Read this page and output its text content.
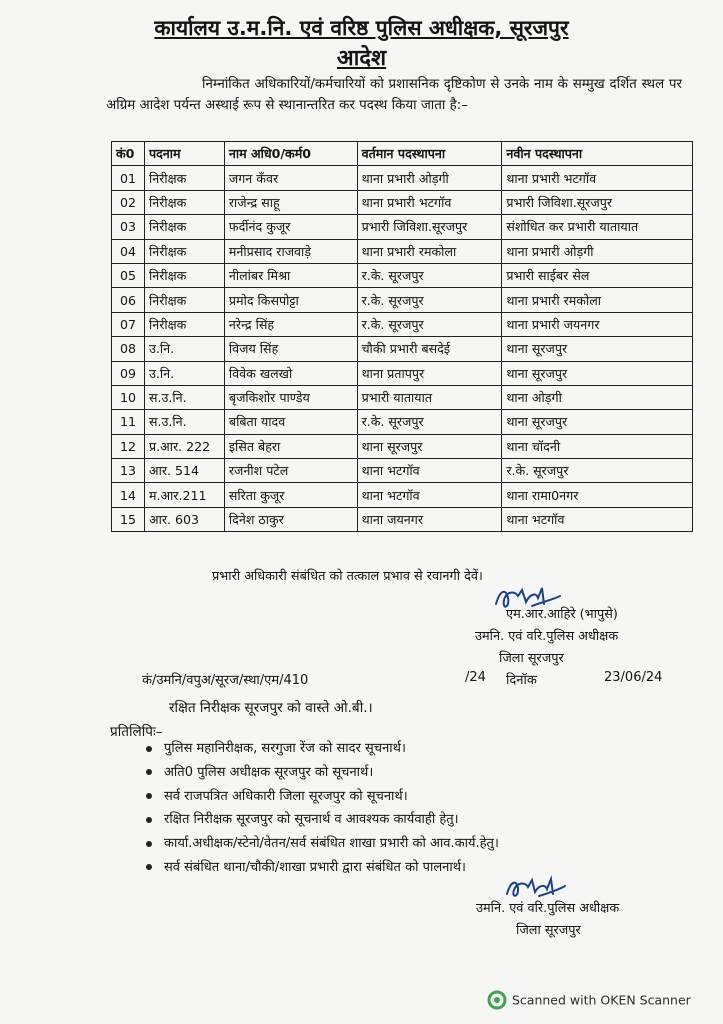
कार्यालय उ.म.नि. एवं वरिष्ठ पुलिस अधीक्षक, सूरजपुर
आदेश
निम्नांकित अधिकारियों/कर्मचारियों को प्रशासनिक दृष्टिकोण से उनके नाम के सम्मुख दर्शित स्थल पर अग्रिम आदेश पर्यन्त अस्थाई रूप से स्थानान्तरित कर पदस्थ किया जाता है:–
कं0	पदनाम	नाम अधि0/कर्म0	वर्तमान पदस्थापना	नवीन पदस्थापना
01	निरीक्षक	जगन कँवर	थाना प्रभारी ओड़गी	थाना प्रभारी भटगॉव
02	निरीक्षक	राजेन्द्र साहू	थाना प्रभारी भटगॉव	प्रभारी जिविशा.सूरजपुर
03	निरीक्षक	फर्दीनंद कुजूर	प्रभारी जिविशा.सूरजपुर	संशोधित कर प्रभारी यातायात
04	निरीक्षक	मनीप्रसाद राजवाड़े	थाना प्रभारी रमकोला	थाना प्रभारी ओड़गी
05	निरीक्षक	नीलांबर मिश्रा	र.के. सूरजपुर	प्रभारी साईबर सेल
06	निरीक्षक	प्रमोद किसपोट्टा	र.के. सूरजपुर	थाना प्रभारी रमकोला
07	निरीक्षक	नरेन्द्र सिंह	र.के. सूरजपुर	थाना प्रभारी जयनगर
08	उ.नि.	विजय सिंह	चौकी प्रभारी बसदेई	थाना सूरजपुर
09	उ.नि.	विवेक खलखो	थाना प्रतापपुर	थाना सूरजपुर
10	स.उ.नि.	बृजकिशोर पाण्डेय	प्रभारी यातायात	थाना ओड़गी
11	स.उ.नि.	बबिता यादव	र.के. सूरजपुर	थाना सूरजपुर
12	प्र.आर. 222	इसित बेहरा	थाना सूरजपुर	थाना चॉदनी
13	आर. 514	रजनीश पटेल	थाना भटगॉव	र.के. सूरजपुर
14	म.आर.211	सरिता कुजूर	थाना भटगॉव	थाना रामा0नगर
15	आर. 603	दिनेश ठाकुर	थाना जयनगर	थाना भटगॉव
प्रभारी अधिकारी संबंधित को तत्काल प्रभाव से रवानगी देवें।
एम.आर.आहिरे (भापुसे)
उमनि. एवं वरि.पुलिस अधीक्षक
जिला सूरजपुर
कं/उमनि/वपुअ/सूरज/स्था/एम/410	/24 दिनॉक	23/06/24
रक्षित निरीक्षक सूरजपुर को वास्ते ओ.बी.।
प्रतिलिपिः–
पुलिस महानिरीक्षक, सरगुजा रेंज को सादर सूचनार्थ।
अति0 पुलिस अधीक्षक सूरजपुर को सूचनार्थ।
सर्व राजपत्रित अधिकारी जिला सूरजपुर को सूचनार्थ।
रक्षित निरीक्षक सूरजपुर को सूचनार्थ व आवश्यक कार्यवाही हेतु।
कार्या.अधीक्षक/स्टेनो/वेतन/सर्व संबंधित शाखा प्रभारी को आव.कार्य.हेतु।
सर्व संबंधित थाना/चौकी/शाखा प्रभारी द्वारा संबंधित को पालनार्थ।
उमनि. एवं वरि.पुलिस अधीक्षक
जिला सूरजपुर
Scanned with OKEN Scanner
